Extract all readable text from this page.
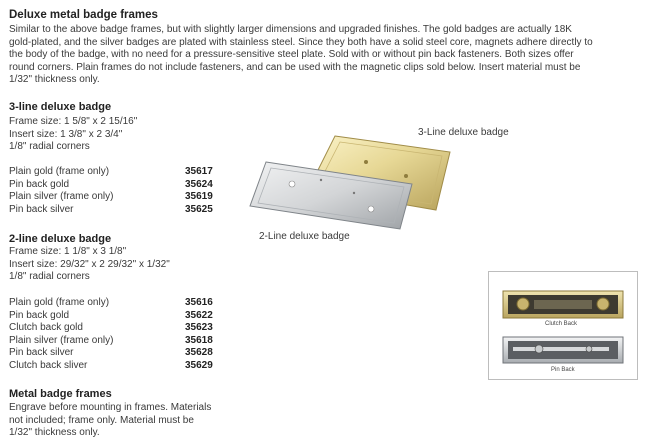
Deluxe metal badge frames
Similar to the above badge frames, but with slightly larger dimensions and upgraded finishes. The gold badges are actually 18K
gold-plated, and the silver badges are plated with stainless steel. Since they both have a solid steel core, magnets adhere directly to
the body of the badge, with no need for a pressure-sensitive steel plate. Sold with or without pin back fasteners. Both sizes offer
round corners. Plain frames do not include fasteners, and can be used with the magnetic clips sold below. Insert material must be
1/32" thickness only.
3-line deluxe badge
Frame size: 1 5/8" x 2 15/16"
Insert size: 1 3/8" x 2 3/4"
1/8" radial corners
Plain gold (frame only)	35617
Pin back gold	35624
Plain silver (frame only)	35619
Pin back silver	35625
2-line deluxe badge
Frame size: 1 1/8" x 3 1/8"
Insert size: 29/32" x 2 29/32" x 1/32"
1/8" radial corners
Plain gold (frame only)	35616
Pin back gold	35622
Clutch back gold	35623
Plain silver (frame only)	35618
Pin back silver	35628
Clutch back sliver	35629
Metal badge frames
Engrave before mounting in frames. Materials
not included; frame only. Material must be
1/32" thickness only.
3-Line deluxe badge
2-Line deluxe badge
Clutch Back
Pin Back
